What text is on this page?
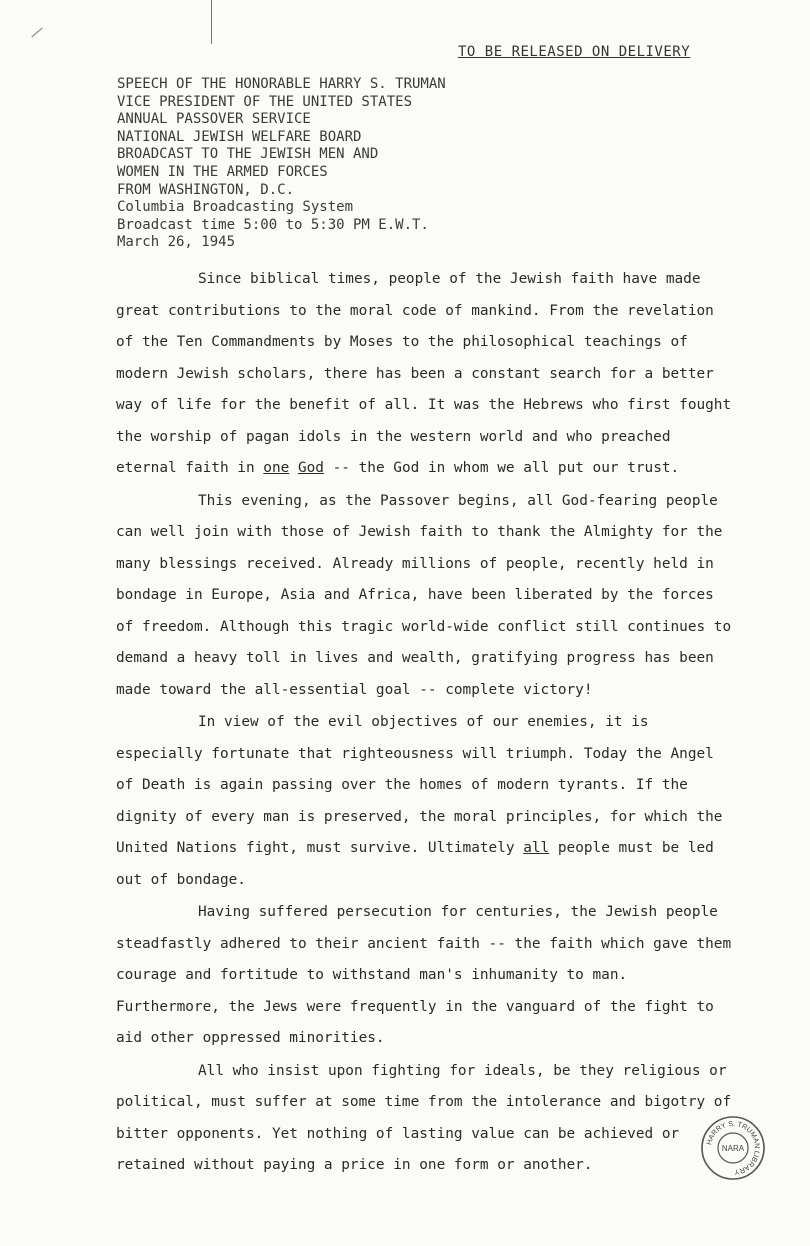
TO BE RELEASED ON DELIVERY
SPEECH OF THE HONORABLE HARRY S. TRUMAN
VICE PRESIDENT OF THE UNITED STATES
ANNUAL PASSOVER SERVICE
NATIONAL JEWISH WELFARE BOARD
BROADCAST TO THE JEWISH MEN AND
WOMEN IN THE ARMED FORCES
FROM WASHINGTON, D.C.
Columbia Broadcasting System
Broadcast time 5:00 to 5:30 PM E.W.T.
March 26, 1945

Since biblical times, people of the Jewish faith have made great contributions to the moral code of mankind. From the revelation of the Ten Commandments by Moses to the philosophical teachings of modern Jewish scholars, there has been a constant search for a better way of life for the benefit of all. It was the Hebrews who first fought the worship of pagan idols in the western world and who preached eternal faith in one God -- the God in whom we all put our trust.

This evening, as the Passover begins, all God-fearing people can well join with those of Jewish faith to thank the Almighty for the many blessings received. Already millions of people, recently held in bondage in Europe, Asia and Africa, have been liberated by the forces of freedom. Although this tragic world-wide conflict still continues to demand a heavy toll in lives and wealth, gratifying progress has been made toward the all-essential goal -- complete victory!

In view of the evil objectives of our enemies, it is especially fortunate that righteousness will triumph. Today the Angel of Death is again passing over the homes of modern tyrants. If the dignity of every man is preserved, the moral principles, for which the United Nations fight, must survive. Ultimately all people must be led out of bondage.

Having suffered persecution for centuries, the Jewish people steadfastly adhered to their ancient faith -- the faith which gave them courage and fortitude to withstand man's inhumanity to man. Furthermore, the Jews were frequently in the vanguard of the fight to aid other oppressed minorities.

All who insist upon fighting for ideals, be they religious or political, must suffer at some time from the intolerance and bigotry of bitter opponents. Yet nothing of lasting value can be achieved or retained without paying a price in one form or another.

HARRY S. TRUMAN LIBRARY
NARA
